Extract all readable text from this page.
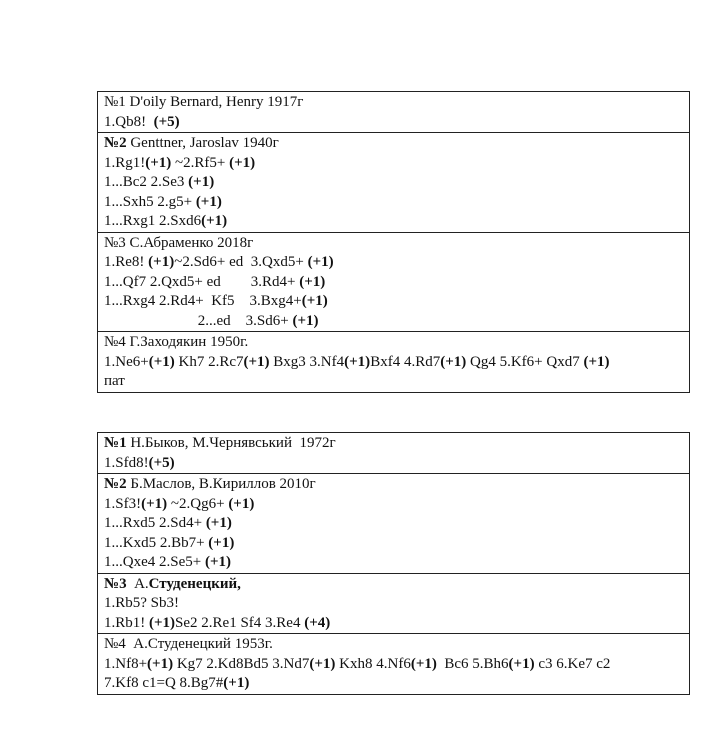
№1 D'oily Bernard, Henry 1917г
1.Qb8!  (+5)
№2 Genttner, Jaroslav 1940г
1.Rg1!(+1) ~2.Rf5+ (+1)
1...Bc2 2.Se3 (+1)
1...Sxh5 2.g5+ (+1)
1...Rxg1 2.Sxd6(+1)
№3 С.Абраменко 2018г
1.Re8! (+1)~2.Sd6+ ed  3.Qxd5+ (+1)
1...Qf7 2.Qxd5+ ed        3.Rd4+ (+1)
1...Rxg4 2.Rd4+  Kf5    3.Bxg4+(+1)
2...ed    3.Sd6+ (+1)
№4 Г.Заходякин 1950г.
1.Ne6+(+1) Kh7 2.Rc7(+1) Bxg3 3.Nf4(+1)Bxf4 4.Rd7(+1) Qg4 5.Kf6+ Qxd7 (+1)
пат
№1 Н.Быков, М.Чернявський  1972г
1.Sfd8!(+5)
№2 Б.Маслов, В.Кириллов 2010г
1.Sf3!(+1) ~2.Qg6+ (+1)
1...Rxd5 2.Sd4+ (+1)
1...Kxd5 2.Bb7+ (+1)
1...Qxe4 2.Se5+ (+1)
№3  А.Студенецкий,
1.Rb5? Sb3!
1.Rb1! (+1)Se2 2.Re1 Sf4 3.Re4 (+4)
№4  А.Студенецкий 1953г.
1.Nf8+(+1) Kg7 2.Kd8Bd5 3.Nd7(+1) Kxh8 4.Nf6(+1)  Bc6 5.Bh6(+1) c3 6.Ke7 c2
7.Kf8 c1=Q 8.Bg7#(+1)
